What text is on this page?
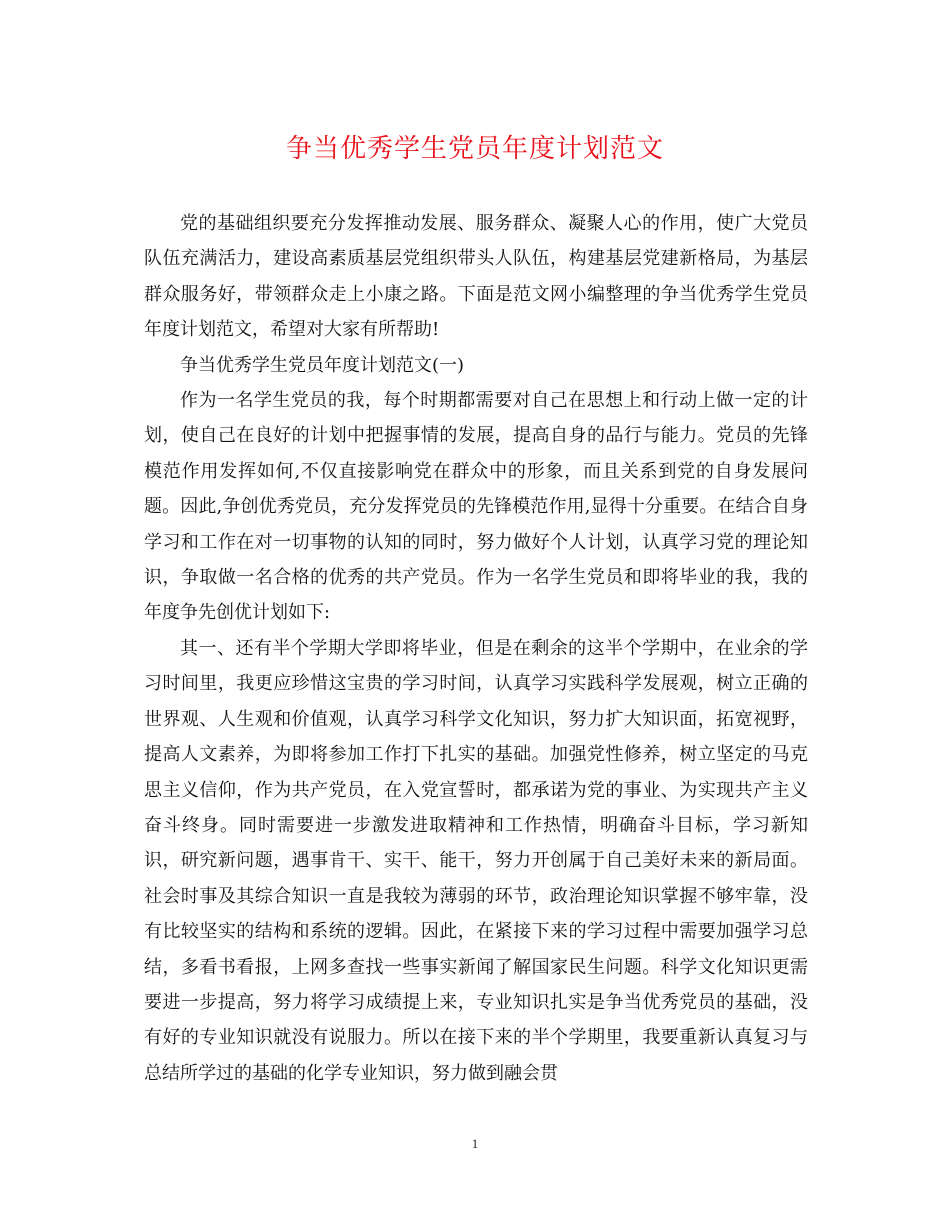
争当优秀学生党员年度计划范文

党的基础组织要充分发挥推动发展、服务群众、凝聚人心的作用，使广大党员队伍充满活力，建设高素质基层党组织带头人队伍，构建基层党建新格局，为基层群众服务好，带领群众走上小康之路。下面是范文网小编整理的争当优秀学生党员年度计划范文，希望对大家有所帮助!

争当优秀学生党员年度计划范文(一)

作为一名学生党员的我，每个时期都需要对自己在思想上和行动上做一定的计划，使自己在良好的计划中把握事情的发展，提高自身的品行与能力。党员的先锋模范作用发挥如何,不仅直接影响党在群众中的形象，而且关系到党的自身发展问题。因此,争创优秀党员，充分发挥党员的先锋模范作用,显得十分重要。在结合自身学习和工作在对一切事物的认知的同时，努力做好个人计划，认真学习党的理论知识，争取做一名合格的优秀的共产党员。作为一名学生党员和即将毕业的我，我的年度争先创优计划如下:

其一、还有半个学期大学即将毕业，但是在剩余的这半个学期中，在业余的学习时间里，我更应珍惜这宝贵的学习时间，认真学习实践科学发展观，树立正确的世界观、人生观和价值观，认真学习科学文化知识，努力扩大知识面，拓宽视野，提高人文素养，为即将参加工作打下扎实的基础。加强党性修养，树立坚定的马克思主义信仰，作为共产党员，在入党宣誓时，都承诺为党的事业、为实现共产主义奋斗终身。同时需要进一步激发进取精神和工作热情，明确奋斗目标，学习新知识，研究新问题，遇事肯干、实干、能干，努力开创属于自己美好未来的新局面。社会时事及其综合知识一直是我较为薄弱的环节，政治理论知识掌握不够牢靠，没有比较坚实的结构和系统的逻辑。因此，在紧接下来的学习过程中需要加强学习总结，多看书看报，上网多查找一些事实新闻了解国家民生问题。科学文化知识更需要进一步提高，努力将学习成绩提上来，专业知识扎实是争当优秀党员的基础，没有好的专业知识就没有说服力。所以在接下来的半个学期里，我要重新认真复习与总结所学过的基础的化学专业知识，努力做到融会贯

1
